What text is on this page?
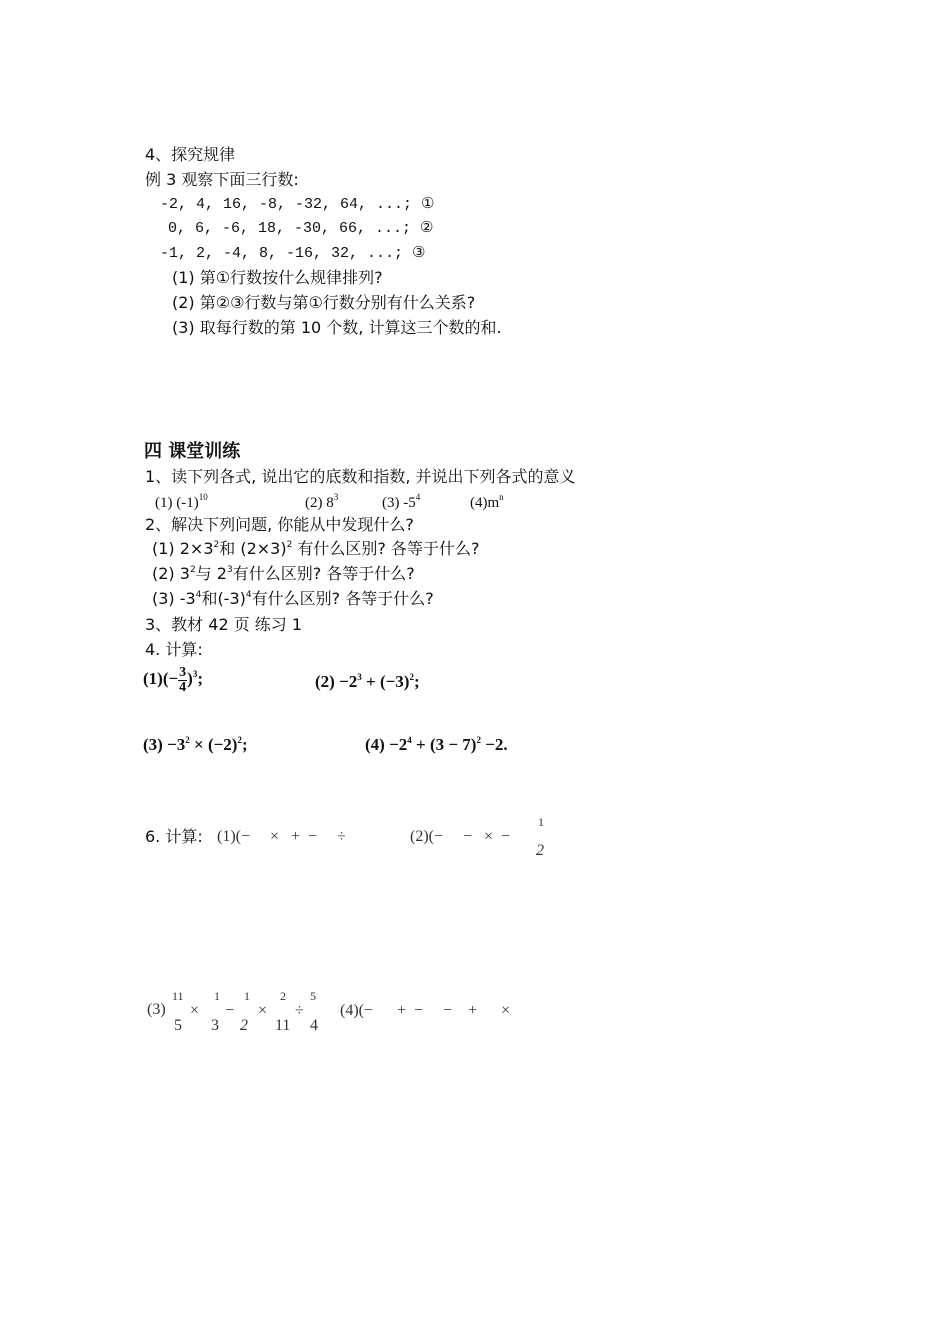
4、探究规律
例 3 观察下面三行数:
-2, 4, 16, -8, -32, 64, ...; ①
0, 6, -6, 18, -30, 66, ...; ②
-1, 2, -4, 8, -16, 32, ...; ③
(1) 第①行数按什么规律排列?
(2) 第②③行数与第①行数分别有什么关系?
(3) 取每行数的第 10 个数, 计算这三个数的和.
四 课堂训练
1、读下列各式, 说出它的底数和指数, 并说出下列各式的意义
(1) $(-1)^{10}$	(2) $8^3$	(3) $-5^4$	$(4)m^n$
2、解决下列问题, 你能从中发现什么?
(1) $2\times 3^2$和 $(2\times 3)^2$ 有什么区别? 各等于什么?
(2) $3^2$与 $2^3$有什么区别? 各等于什么?
(3) $-3^4$和$(-3)^4$有什么区别? 各等于什么?
3、教材 42 页 练习 1
4. 计算:
$(1)(- \frac{3}{4} )^3$;	$(2) -2^3 + (-3)^2$;
$(3) -3^2 \times (-2)^2$;	$(4) -2^4 + (3 - 7)^2 -2$.
6. 计算: (1)(−     ×   +  −     ÷	(2)(−     −   ×  −
1
2
(3)
11
5
×
1
3
−
1
2
×
2
11
÷
5
4
(4)(−      +  −     −    +      ×
